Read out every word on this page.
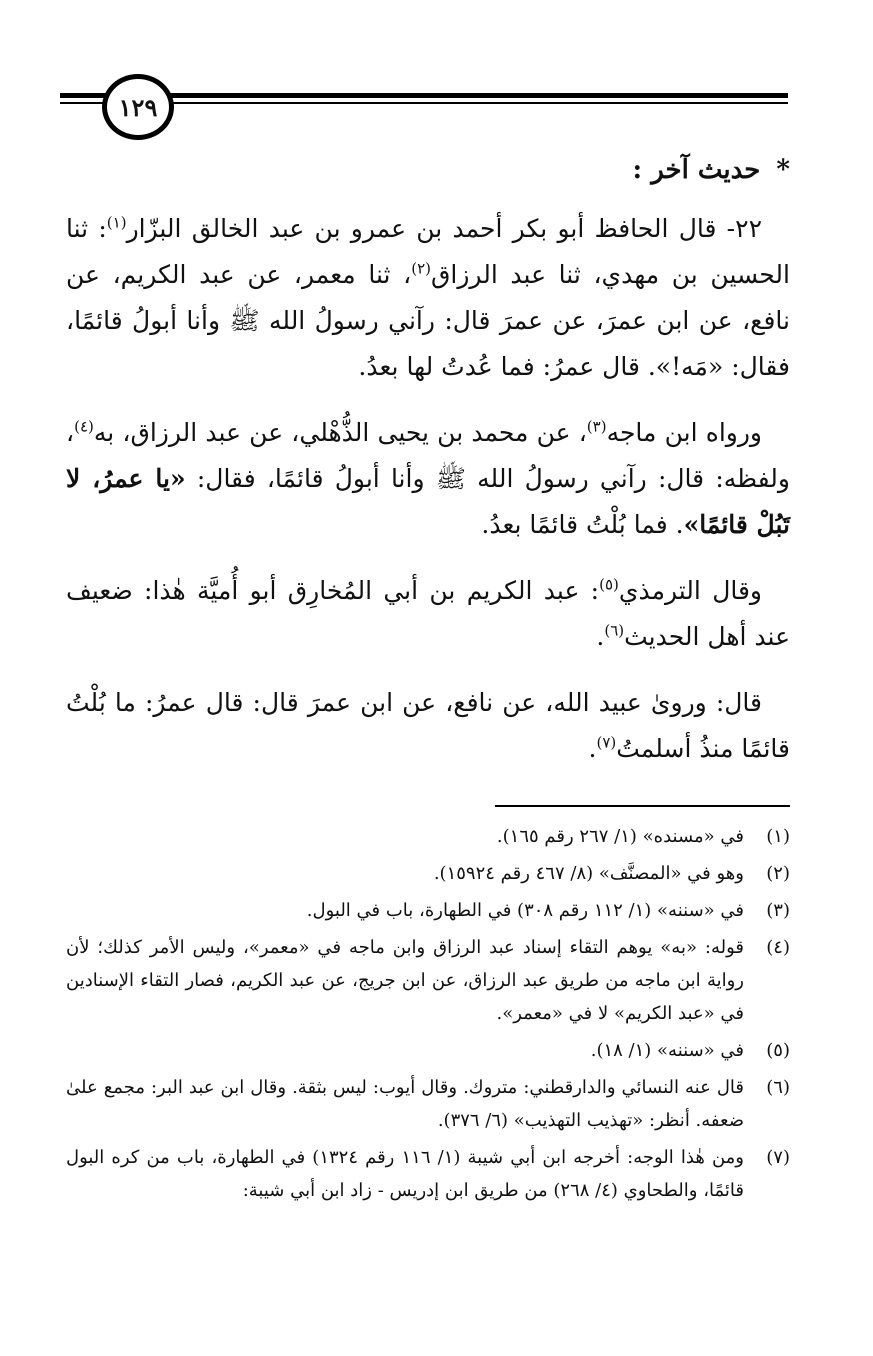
١٢٩
*حديث آخر :

٢٢- قال الحافظ أبو بكر أحمد بن عمرو بن عبد الخالق البزّار$^{(١)}$: ثنا الحسين بن مهدي، ثنا عبد الرزاق$^{(٢)}$، ثنا معمر، عن عبد الكريم، عن نافع، عن ابن عمرَ، عن عمرَ قال: رآني رسولُ الله ﷺ وأنا أبولُ قائمًا، فقال: «مَه!». قال عمرُ: فما عُدتُ لها بعدُ.

ورواه ابن ماجه$^{(٣)}$، عن محمد بن يحيى الذُّهْلي، عن عبد الرزاق، به$^{(٤)}$، ولفظه: قال: رآني رسولُ الله ﷺ وأنا أبولُ قائمًا، فقال: «يا عمرُ، لا تَبُلْ قائمًا». فما بُلْتُ قائمًا بعدُ.

وقال الترمذي$^{(٥)}$: عبد الكريم بن أبي المُخارِق أبو أُميَّة هٰذا: ضعيف عند أهل الحديث$^{(٦)}$.

قال: وروىٰ عبيد الله، عن نافع، عن ابن عمرَ قال: قال عمرُ: ما بُلْتُ قائمًا منذُ أسلمتُ$^{(٧)}$.

(١)
في «مسنده» (١/ ٢٦٧ رقم ١٦٥).
(٢)
وهو في «المصنَّف» (٨/ ٤٦٧ رقم ١٥٩٢٤).
(٣)
في «سننه» (١/ ١١٢ رقم ٣٠٨) في الطهارة، باب في البول.
(٤)
قوله: «به» يوهم التقاء إسناد عبد الرزاق وابن ماجه في «معمر»، وليس الأمر كذلك؛ لأن رواية ابن ماجه من طريق عبد الرزاق، عن ابن جريج، عن عبد الكريم، فصار التقاء الإسنادين في «عبد الكريم» لا في «معمر».
(٥)
في «سننه» (١/ ١٨).
(٦)
قال عنه النسائي والدارقطني: متروك. وقال أيوب: ليس بثقة. وقال ابن عبد البر: مجمع علىٰ ضعفه. أنظر: «تهذيب التهذيب» (٦/ ٣٧٦).
(٧)
ومن هٰذا الوجه: أخرجه ابن أبي شيبة (١/ ١١٦ رقم ١٣٢٤) في الطهارة، باب من كره البول قائمًا، والطحاوي (٤/ ٢٦٨) من طريق ابن إدريس - زاد ابن أبي شيبة:
